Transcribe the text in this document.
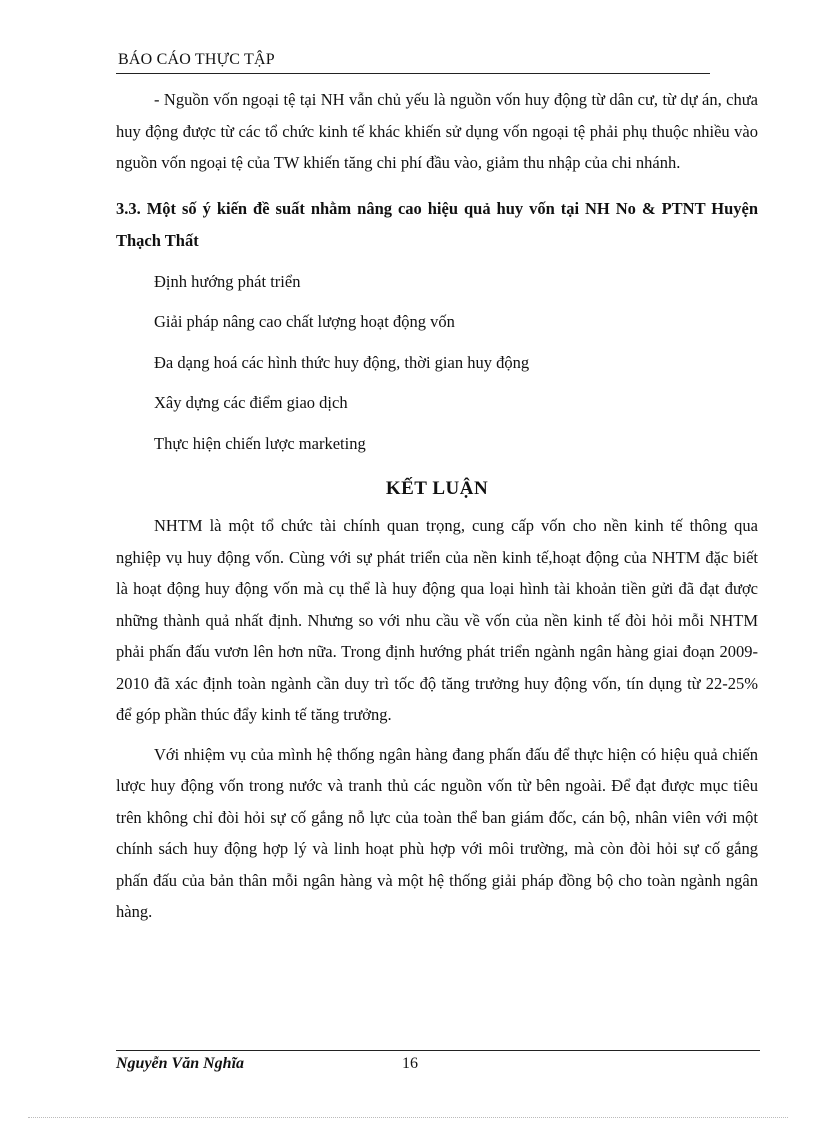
BÁO CÁO THỰC TẬP

- Nguồn vốn ngoại tệ tại NH vẫn chủ yếu là nguồn vốn huy động từ dân cư, từ dự án, chưa huy động được từ các tổ chức kinh tế khác khiến sử dụng vốn ngoại tệ phải phụ thuộc nhiều vào nguồn vốn ngoại tệ của TW khiến tăng chi phí đầu vào, giảm thu nhập của chi nhánh.

3.3. Một số ý kiến đề suất nhằm nâng cao hiệu quả huy vốn tại NH No & PTNT Huyện Thạch Thất

Định hướng phát triển
Giải pháp nâng cao chất lượng hoạt động vốn
Đa dạng hoá các hình thức huy động, thời gian huy động
Xây dựng các điểm giao dịch
Thực hiện chiến lược marketing
KẾT LUẬN

NHTM là một tổ chức tài chính quan trọng, cung cấp vốn cho nền kinh tế thông qua nghiệp vụ huy động vốn. Cùng với sự phát triển của nền kinh tế,hoạt động của NHTM đặc biết là hoạt động huy động vốn mà cụ thể là huy động qua loại hình tài khoản tiền gửi đã đạt được những thành quả nhất định. Nhưng so với nhu cầu về vốn của nền kinh tế đòi hỏi mỗi NHTM phải phấn đấu vươn lên hơn nữa. Trong định hướng phát triển ngành ngân hàng giai đoạn 2009-2010 đã xác định toàn ngành cần duy trì tốc độ tăng trưởng huy động vốn, tín dụng từ 22-25% để góp phần thúc đẩy kinh tế tăng trưởng.

Với nhiệm vụ của mình hệ thống ngân hàng đang phấn đấu để thực hiện có hiệu quả chiến lược huy động vốn trong nước và tranh thủ các nguồn vốn từ bên ngoài. Để đạt được mục tiêu trên không chỉ đòi hỏi sự cố gắng nỗ lực của toàn thể ban giám đốc, cán bộ, nhân viên với một chính sách huy động hợp lý và linh hoạt phù hợp với môi trường, mà còn đòi hỏi sự cố gắng phấn đấu của bản thân mỗi ngân hàng và một hệ thống giải pháp đồng bộ cho toàn ngành ngân hàng.

Nguyễn Văn Nghĩa	16
